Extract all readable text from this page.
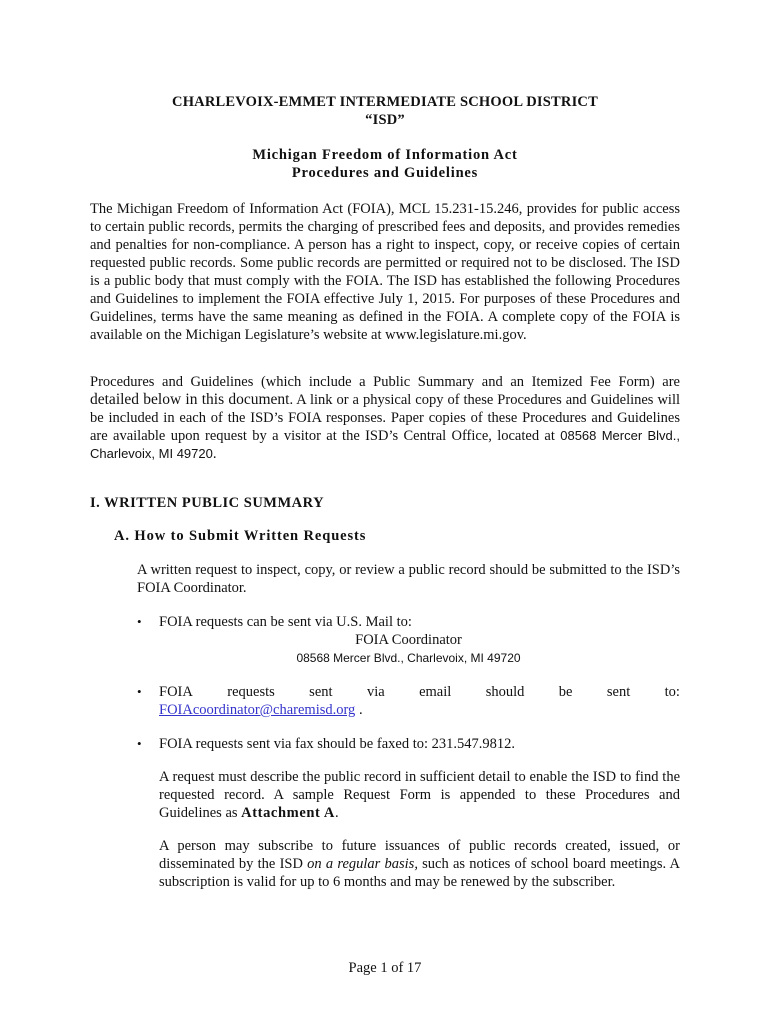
CHARLEVOIX-EMMET INTERMEDIATE SCHOOL DISTRICT
“ISD”
Michigan Freedom of Information Act
Procedures and Guidelines
The Michigan Freedom of Information Act (FOIA), MCL 15.231-15.246, provides for public access to certain public records, permits the charging of prescribed fees and deposits, and provides remedies and penalties for non-compliance. A person has a right to inspect, copy, or receive copies of certain requested public records. Some public records are permitted or required not to be disclosed. The ISD is a public body that must comply with the FOIA. The ISD has established the following Procedures and Guidelines to implement the FOIA effective July 1, 2015. For purposes of these Procedures and Guidelines, terms have the same meaning as defined in the FOIA. A complete copy of the FOIA is available on the Michigan Legislature’s website at www.legislature.mi.gov.
Procedures and Guidelines (which include a Public Summary and an Itemized Fee Form) are detailed below in this document. A link or a physical copy of these Procedures and Guidelines will be included in each of the ISD’s FOIA responses. Paper copies of these Procedures and Guidelines are available upon request by a visitor at the ISD’s Central Office, located at 08568 Mercer Blvd., Charlevoix, MI 49720.
I. WRITTEN PUBLIC SUMMARY
A. How to Submit Written Requests
A written request to inspect, copy, or review a public record should be submitted to the ISD’s FOIA Coordinator.
•	FOIA requests can be sent via U.S. Mail to:
FOIA Coordinator
08568 Mercer Blvd., Charlevoix, MI 49720
•	FOIA requests sent via email should be sent to:
FOIAcoordinator@charemisd.org .
•	FOIA requests sent via fax should be faxed to: 231.547.9812.
A request must describe the public record in sufficient detail to enable the ISD to find the requested record. A sample Request Form is appended to these Procedures and Guidelines as Attachment A.
A person may subscribe to future issuances of public records created, issued, or disseminated by the ISD on a regular basis, such as notices of school board meetings. A subscription is valid for up to 6 months and may be renewed by the subscriber.
Page 1 of 17
